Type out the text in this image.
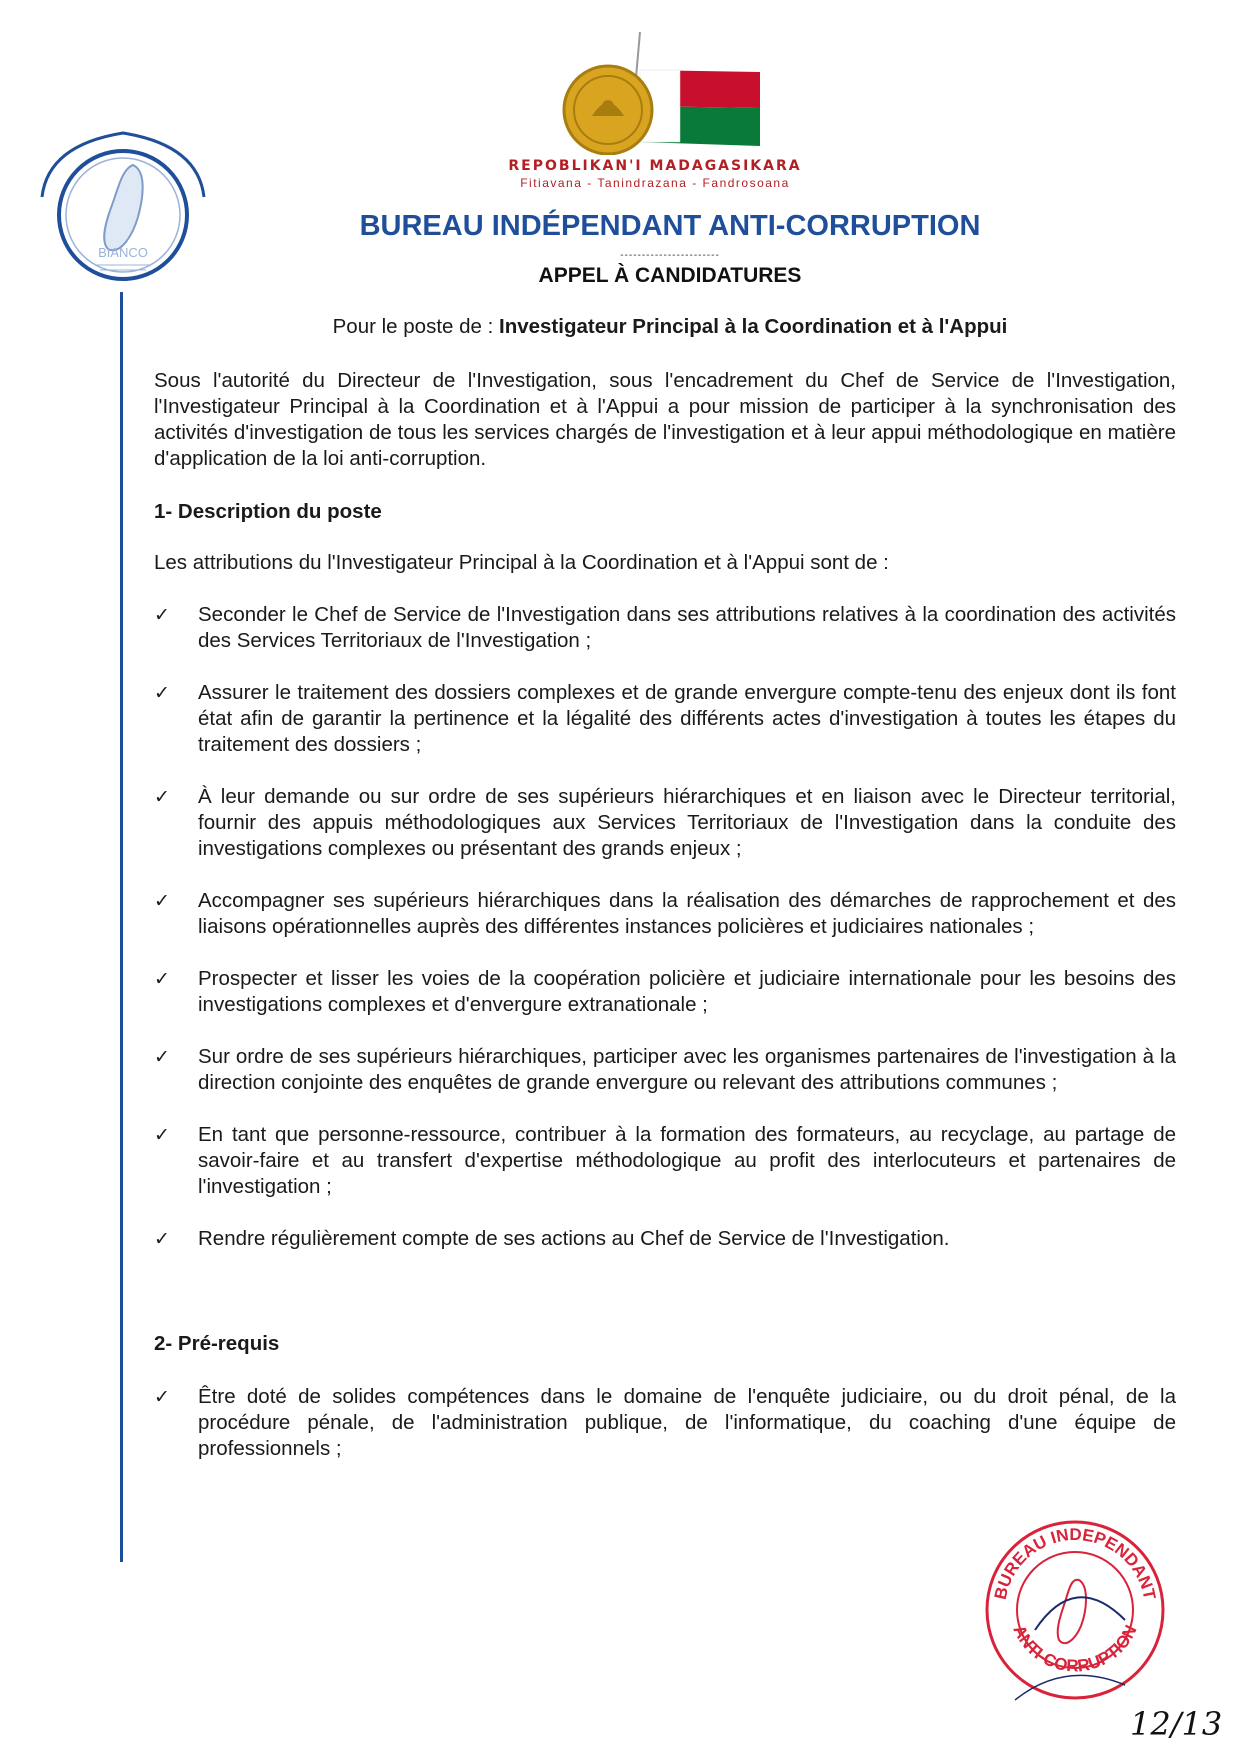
BIANCO
REPOBLIKAN'I MADAGASIKARA
Fitiavana - Tanindrazana - Fandrosoana
BUREAU INDÉPENDANT ANTI-CORRUPTION
-----------------------
APPEL À CANDIDATURES
Pour le poste de : Investigateur Principal à la Coordination et à l'Appui
Sous l'autorité du Directeur de l'Investigation, sous l'encadrement du Chef de Service de l'Investigation, l'Investigateur Principal à la Coordination et à l'Appui a pour mission de participer à la synchronisation des activités d'investigation de tous les services chargés de l'investigation et à leur appui méthodologique en matière d'application de la loi anti-corruption.
1- Description du poste
Les attributions du l'Investigateur Principal à la Coordination et à l'Appui sont de :
✓ Seconder le Chef de Service de l'Investigation dans ses attributions relatives à la coordination des activités des Services Territoriaux de l'Investigation ;
✓ Assurer le traitement des dossiers complexes et de grande envergure compte-tenu des enjeux dont ils font état afin de garantir la pertinence et la légalité des différents actes d'investigation à toutes les étapes du traitement des dossiers ;
✓ À leur demande ou sur ordre de ses supérieurs hiérarchiques et en liaison avec le Directeur territorial, fournir des appuis méthodologiques aux Services Territoriaux de l'Investigation dans la conduite des investigations complexes ou présentant des grands enjeux ;
✓ Accompagner ses supérieurs hiérarchiques dans la réalisation des démarches de rapprochement et des liaisons opérationnelles auprès des différentes instances policières et judiciaires nationales ;
✓ Prospecter et lisser les voies de la coopération policière et judiciaire internationale pour les besoins des investigations complexes et d'envergure extranationale ;
✓ Sur ordre de ses supérieurs hiérarchiques, participer avec les organismes partenaires de l'investigation à la direction conjointe des enquêtes de grande envergure ou relevant des attributions communes ;
✓ En tant que personne-ressource, contribuer à la formation des formateurs, au recyclage, au partage de savoir-faire et au transfert d'expertise méthodologique au profit des interlocuteurs et partenaires de l'investigation ;
✓ Rendre régulièrement compte de ses actions au Chef de Service de l'Investigation.
2- Pré-requis
✓ Être doté de solides compétences dans le domaine de l'enquête judiciaire, ou du droit pénal, de la procédure pénale, de l'administration publique, de l'informatique, du coaching d'une équipe de professionnels ;
BUREAU INDEPENDANT
ANTI-CORRUPTION
12/13
